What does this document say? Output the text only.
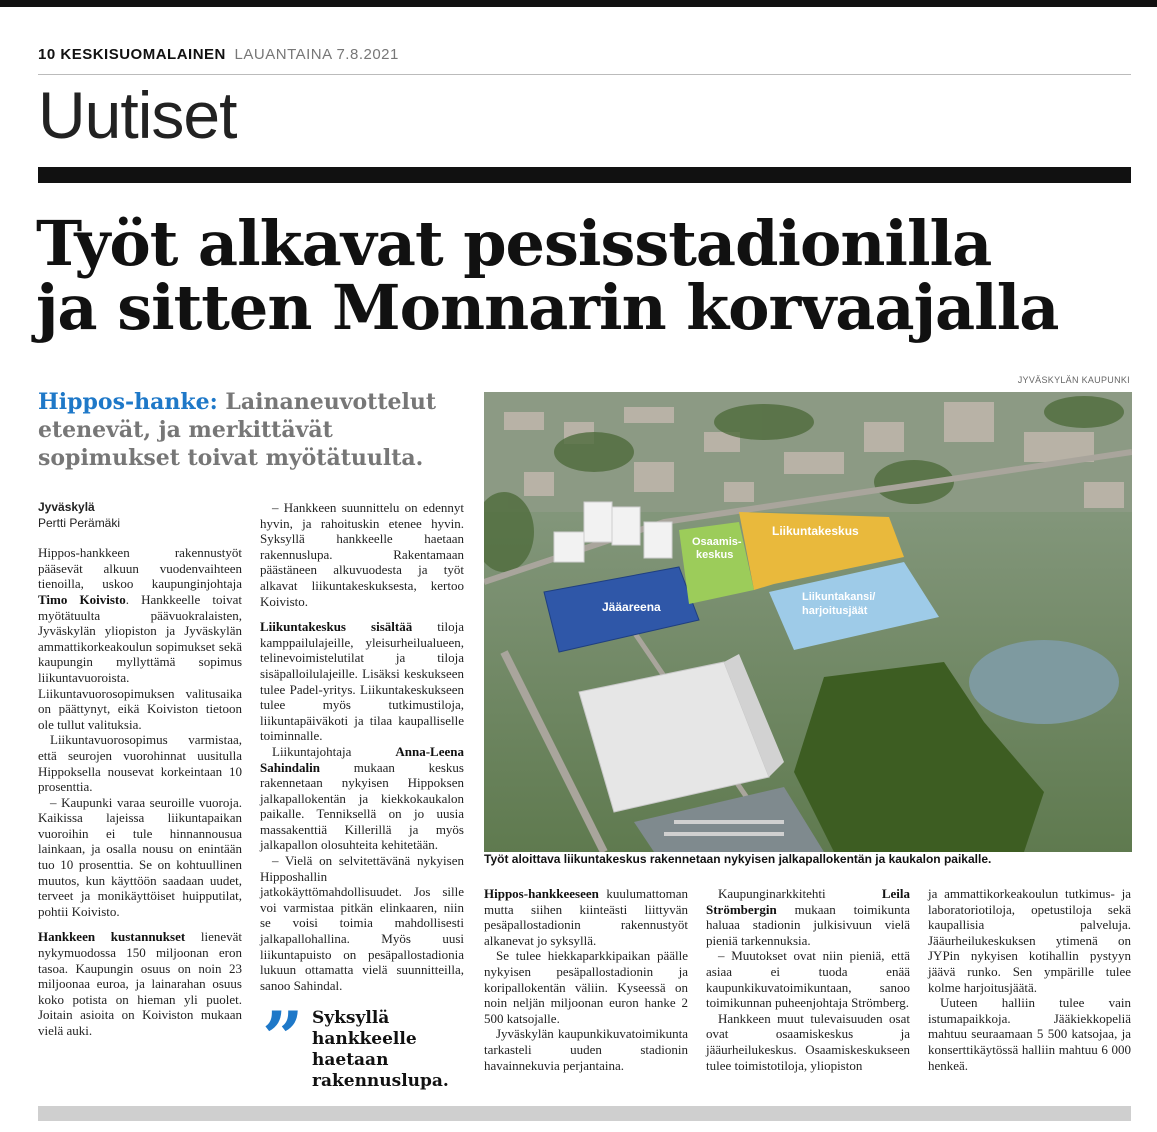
10 KESKISUOMALAINEN LAUANTAINA 7.8.2021
Uutiset
Työt alkavat pesisstadionilla
ja sitten Monnarin korvaajalla
Hippos-hanke: Lainaneuvottelut etenevät, ja merkittävät sopimukset toivat myötätuulta.
JYVÄSKYLÄN KAUPUNKI
Jääareena
Osaamis-
keskus
Liikuntakeskus
Liikuntakansi/
harjoitusjäät
Työt aloittava liikuntakeskus rakennetaan nykyisen jalkapallokentän ja kaukalon paikalle.

Jyväskylä

Pertti Perämäki

Hippos-hankkeen rakennustyöt pääsevät alkuun vuodenvaihteen tienoilla, uskoo kaupunginjohtaja Timo Koivisto. Hankkeelle toivat myötätuulta päävuokralaisten, Jyväskylän yliopiston ja Jyväskylän ammattikorkeakoulun sopimukset sekä kaupungin myllyttämä sopimus liikuntavuoroista. Liikuntavuorosopimuksen valitusaika on päättynyt, eikä Koiviston tietoon ole tullut valituksia.

Liikuntavuorosopimus varmistaa, että seurojen vuorohinnat uusitulla Hippoksella nousevat korkeintaan 10 prosenttia.

– Kaupunki varaa seuroille vuoroja. Kaikissa lajeissa liikuntapaikan vuoroihin ei tule hinnannousua lainkaan, ja osalla nousu on enintään tuo 10 prosenttia. Se on kohtuullinen muutos, kun käyttöön saadaan uudet, terveet ja monikäyttöiset huipputilat, pohtii Koivisto.

Hankkeen kustannukset lienevät nykymuodossa 150 miljoonan eron tasoa. Kaupungin osuus on noin 23 miljoonaa euroa, ja lainarahan osuus koko potista on hieman yli puolet. Joitain asioita on Koiviston mukaan vielä auki.

– Hankkeen suunnittelu on edennyt hyvin, ja rahoituskin etenee hyvin. Syksyllä hankkeelle haetaan rakennuslupa. Rakentamaan päästäneen alkuvuodesta ja työt alkavat liikuntakeskuksesta, kertoo Koivisto.

Liikuntakeskus sisältää tiloja kamppailulajeille, yleisurheilualueen, telinevoimistelutilat ja tiloja sisäpalloilulajeille. Lisäksi keskukseen tulee Padel-yritys. Liikuntakeskukseen tulee myös tutkimustiloja, liikuntapäiväkoti ja tilaa kaupalliselle toiminnalle.

Liikuntajohtaja Anna-Leena Sahindalin mukaan keskus rakennetaan nykyisen Hippoksen jalkapallokentän ja kiekkokaukalon paikalle. Tenniksellä on jo uusia massakenttiä Killerillä ja myös jalkapallon olosuhteita kehitetään.

– Vielä on selvitettävänä nykyisen Hipposhallin jatkokäyttömahdollisuudet. Jos sille voi varmistaa pitkän elinkaaren, niin se voisi toimia mahdollisesti jalkapallohallina. Myös uusi liikuntapuisto on pesäpallostadionia lukuun ottamatta vielä suunnitteilla, sanoo Sahindal.

” Syksyllä hankkeelle haetaan rakennuslupa.

Hippos-hankkeeseen kuulumattoman mutta siihen kiinteästi liittyvän pesäpallostadionin rakennustyöt alkanevat jo syksyllä.

Se tulee hiekkaparkkipaikan päälle nykyisen pesäpallostadionin ja koripallokentän väliin. Kyseessä on noin neljän miljoonan euron hanke 2 500 katsojalle.

Jyväskylän kaupunkikuvatoimikunta tarkasteli uuden stadionin havainnekuvia perjantaina.

Kaupunginarkkitehti Leila Strömbergin mukaan toimikunta haluaa stadionin julkisivuun vielä pieniä tarkennuksia.

– Muutokset ovat niin pieniä, että asiaa ei tuoda enää kaupunkikuvatoimikuntaan, sanoo toimikunnan puheenjohtaja Strömberg.

Hankkeen muut tulevaisuuden osat ovat osaamiskeskus ja jääurheilukeskus. Osaamiskeskukseen tulee toimistotiloja, yliopiston

ja ammattikorkeakoulun tutkimus- ja laboratoriotiloja, opetustiloja sekä kaupallisia palveluja. Jääurheilukeskuksen ytimenä on JYPin nykyisen kotihallin pystyyn jäävä runko. Sen ympärille tulee kolme harjoitusjäätä.

Uuteen halliin tulee vain istumapaikkoja. Jääkiekkopeliä mahtuu seuraamaan 5 500 katsojaa, ja konserttikäytössä halliin mahtuu 6 000 henkeä.
